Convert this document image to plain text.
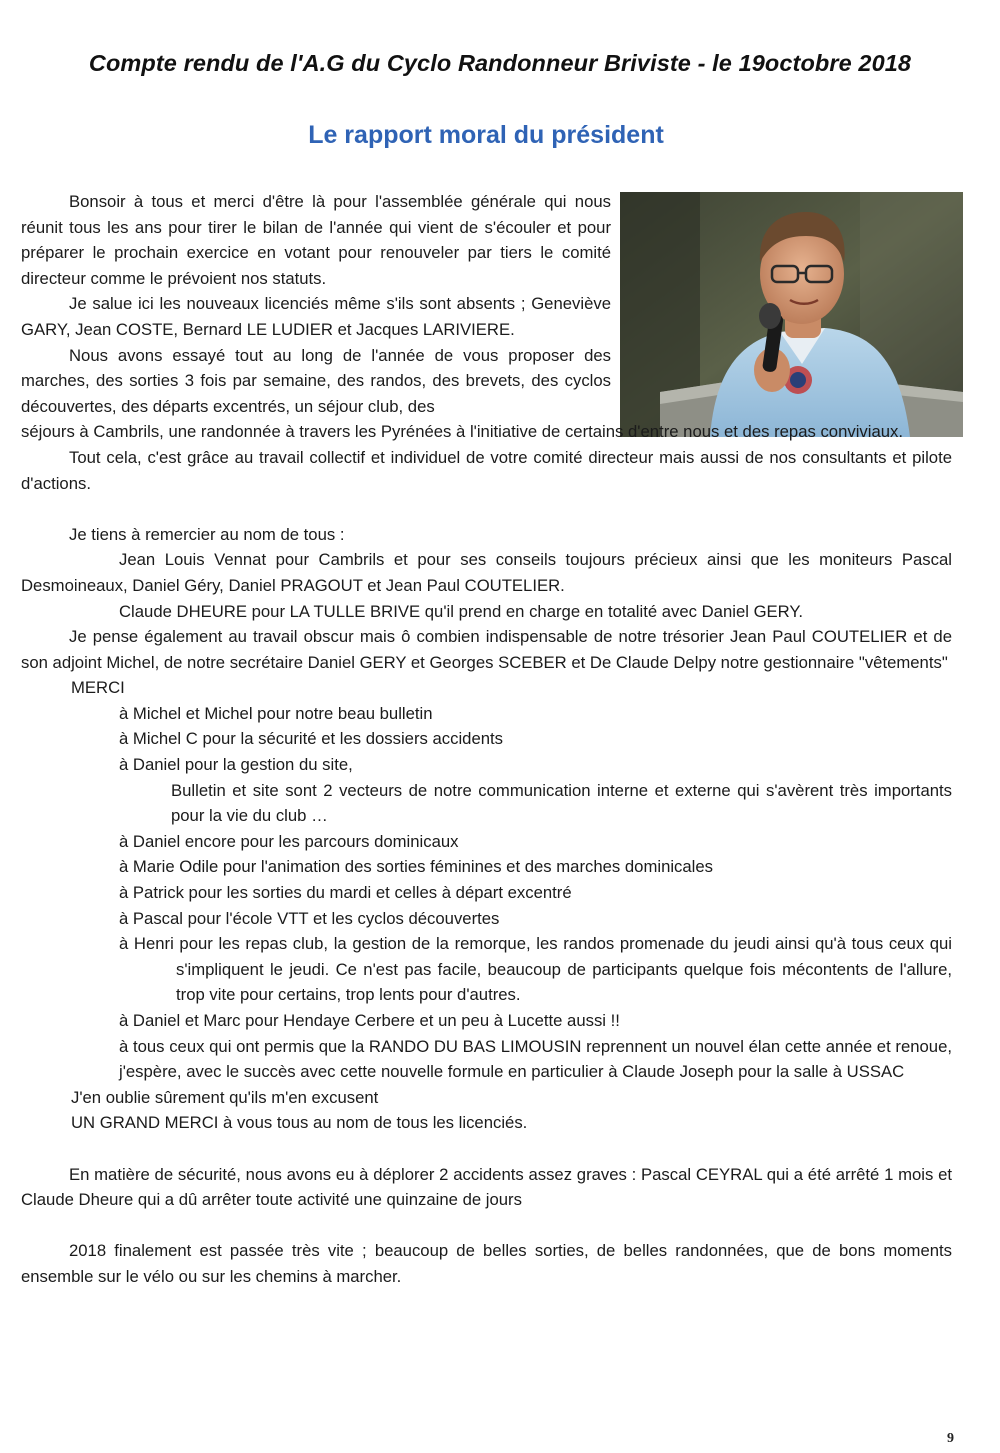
Compte rendu de l'A.G du Cyclo Randonneur Briviste - le 19octobre 2018
Le rapport moral du président

Bonsoir à tous et merci d'être là pour l'assemblée générale qui nous réunit tous les ans pour tirer le bilan de l'année qui vient de s'écouler et pour préparer le prochain exercice en votant pour renouveler par tiers le comité directeur comme le prévoient nos statuts.

Je salue ici les nouveaux licenciés même s'ils sont absents ; Geneviève GARY, Jean COSTE, Bernard LE LUDIER et Jacques LARIVIERE.

Nous avons essayé tout au long de l'année de vous proposer des marches, des sorties 3 fois par semaine, des randos, des brevets, des cyclos découvertes, des départs excentrés, un séjour club, des

séjours à Cambrils, une randonnée à travers les Pyrénées à l'initiative de certains d'entre nous et des repas conviviaux.

Tout cela, c'est grâce au travail collectif et individuel de votre comité directeur mais aussi de nos consultants et pilote d'actions.

Je tiens à remercier au nom de tous :

Jean Louis Vennat pour Cambrils et pour ses conseils toujours précieux ainsi que les moniteurs Pascal Desmoineaux, Daniel Géry, Daniel PRAGOUT et Jean Paul COUTELIER.

Claude DHEURE pour LA TULLE BRIVE qu'il prend en charge en totalité avec Daniel GERY.

Je pense également au travail obscur mais ô combien indispensable de notre trésorier Jean Paul COUTELIER et de son adjoint Michel, de notre secrétaire Daniel GERY et Georges SCEBER et De Claude Delpy notre gestionnaire "vêtements"

MERCI

à Michel et Michel pour notre beau bulletin

à Michel C pour la sécurité et les dossiers accidents

à Daniel pour la gestion du site,

Bulletin et site sont 2 vecteurs de notre communication interne et externe qui s'avèrent très importants pour la vie du club …

à Daniel encore pour les parcours dominicaux

à Marie Odile pour l'animation des sorties féminines et des marches dominicales

à Patrick pour les sorties du mardi et celles à départ excentré

à Pascal pour l'école VTT et les cyclos découvertes

à Henri pour les repas club, la gestion de la remorque, les randos promenade du jeudi ainsi qu'à tous ceux qui s'impliquent le jeudi. Ce n'est pas facile, beaucoup de participants quelque fois mécontents de l'allure, trop vite pour certains, trop lents pour d'autres.

à Daniel et Marc pour Hendaye Cerbere et un peu à Lucette aussi !!

à tous ceux qui ont permis que la RANDO DU BAS LIMOUSIN reprennent un nouvel élan cette année et renoue, j'espère, avec le succès avec cette nouvelle formule en particulier à Claude Joseph pour la salle à USSAC

J'en oublie sûrement qu'ils m'en excusent

UN GRAND MERCI à vous tous au nom de tous les licenciés.

En matière de sécurité, nous avons eu à déplorer 2 accidents assez graves : Pascal CEYRAL qui a été arrêté 1 mois et Claude Dheure qui a dû arrêter toute activité une quinzaine de jours

2018 finalement est passée très vite ; beaucoup de belles sorties, de belles randonnées, que de bons moments ensemble sur le vélo ou sur les chemins à marcher.

9
